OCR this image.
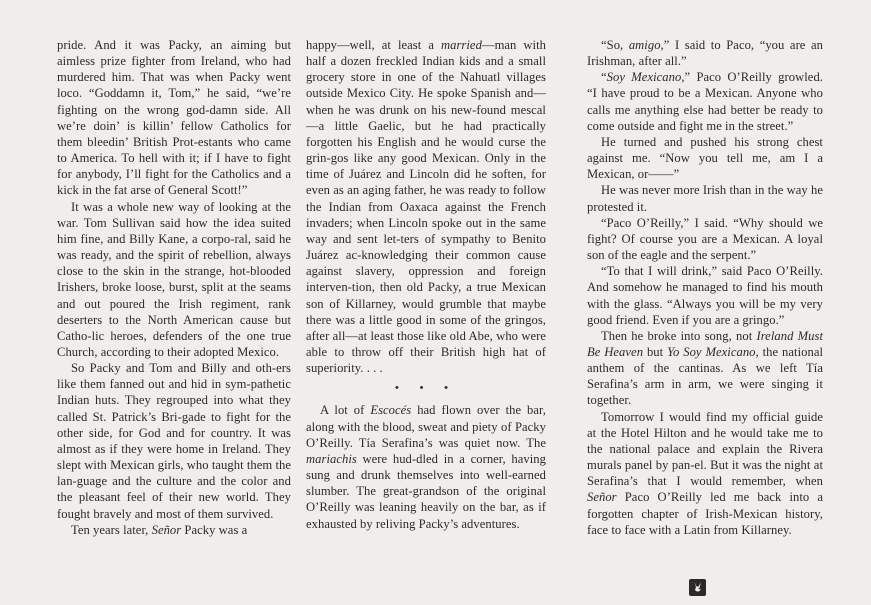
pride. And it was Packy, an aiming but aimless prize fighter from Ireland, who had murdered him. That was when Packy went loco. “Goddamn it, Tom,” he said, “we’re fighting on the wrong god-damn side. All we’re doin’ is killin’ fellow Catholics for them bleedin’ British Prot-estants who came to America. To hell with it; if I have to fight for anybody, I’ll fight for the Catholics and a kick in the fat arse of General Scott!”

It was a whole new way of looking at the war. Tom Sullivan said how the idea suited him fine, and Billy Kane, a corpo-ral, said he was ready, and the spirit of rebellion, always close to the skin in the strange, hot-blooded Irishers, broke loose, burst, split at the seams and out poured the Irish regiment, rank deserters to the North American cause but Catho-lic heroes, defenders of the one true Church, according to their adopted Mexico.

So Packy and Tom and Billy and oth-ers like them fanned out and hid in sym-pathetic Indian huts. They regrouped into what they called St. Patrick’s Bri-gade to fight for the other side, for God and for country. It was almost as if they were home in Ireland. They slept with Mexican girls, who taught them the lan-guage and the culture and the color and the pleasant feel of their new world. They fought bravely and most of them survived.

Ten years later, Señor Packy was a

happy—well, at least a married—man with half a dozen freckled Indian kids and a small grocery store in one of the Nahuatl villages outside Mexico City. He spoke Spanish and—when he was drunk on his new-found mescal—a little Gaelic, but he had practically forgotten his English and he would curse the grin-gos like any good Mexican. Only in the time of Juárez and Lincoln did he soften, for even as an aging father, he was ready to follow the Indian from Oaxaca against the French invaders; when Lincoln spoke out in the same way and sent let-ters of sympathy to Benito Juárez ac-knowledging their common cause against slavery, oppression and foreign interven-tion, then old Packy, a true Mexican son of Killarney, would grumble that maybe there was a little good in some of the gringos, after all—at least those like old Abe, who were able to throw off their British high hat of superiority. . . .

• • •

A lot of Escocés had flown over the bar, along with the blood, sweat and piety of Packy O’Reilly. Tía Serafina’s was quiet now. The mariachis were hud-dled in a corner, having sung and drunk themselves into well-earned slumber. The great-grandson of the original O’Reilly was leaning heavily on the bar, as if exhausted by reliving Packy’s adventures.

“So, amigo,” I said to Paco, “you are an Irishman, after all.”

“Soy Mexicano,” Paco O’Reilly growled. “I have proud to be a Mexican. Anyone who calls me anything else had better be ready to come outside and fight me in the street.”

He turned and pushed his strong chest against me. “Now you tell me, am I a Mexican, or——”

He was never more Irish than in the way he protested it.

“Paco O’Reilly,” I said. “Why should we fight? Of course you are a Mexican. A loyal son of the eagle and the serpent.”

“To that I will drink,” said Paco O’Reilly. And somehow he managed to find his mouth with the glass. “Always you will be my very good friend. Even if you are a gringo.”

Then he broke into song, not Ireland Must Be Heaven but Yo Soy Mexicano, the national anthem of the cantinas. As we left Tía Serafina’s arm in arm, we were singing it together.

Tomorrow I would find my official guide at the Hotel Hilton and he would take me to the national palace and explain the Rivera murals panel by pan-el. But it was the night at Serafina’s that I would remember, when Señor Paco O’Reilly led me back into a forgotten chapter of Irish-Mexican history, face to face with a Latin from Killarney.
